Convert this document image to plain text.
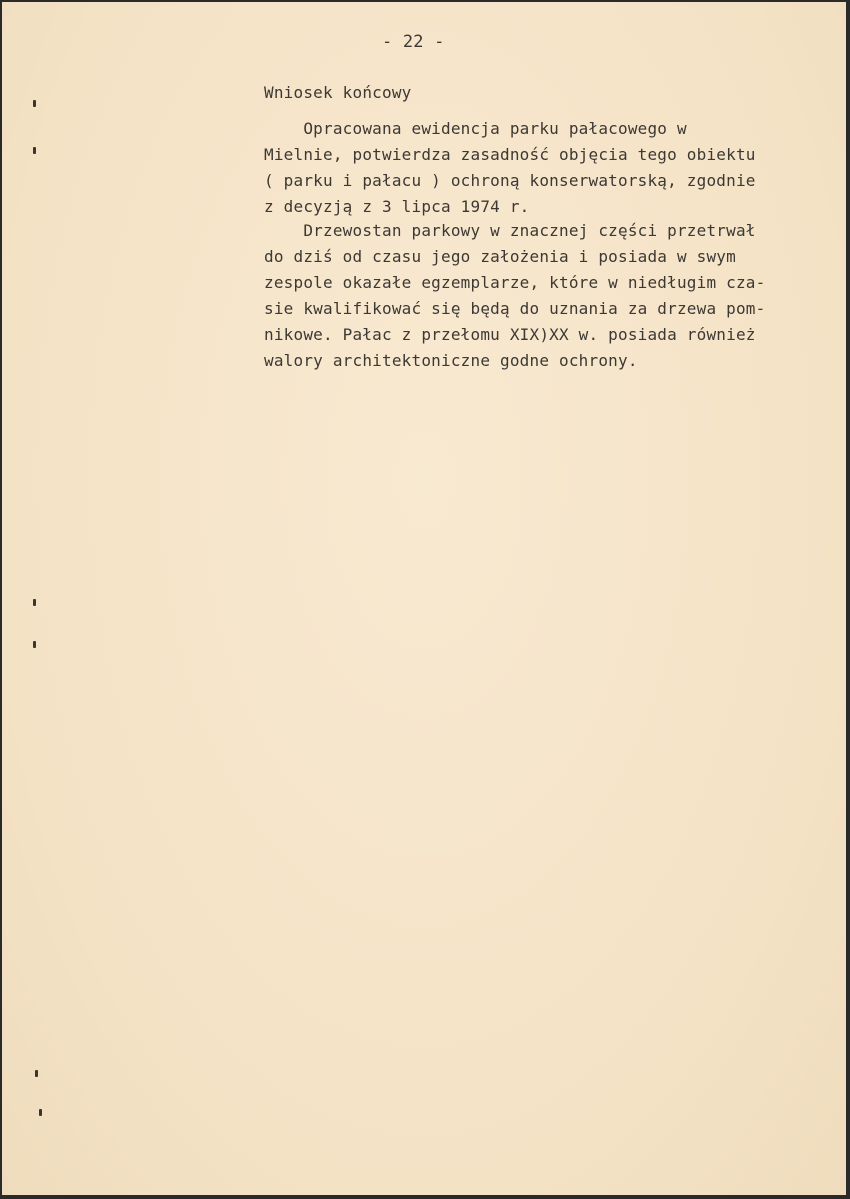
- 22 -
Wniosek końcowy
Opracowana ewidencja parku pałacowego w
Mielnie, potwierdza zasadność objęcia tego obiektu
( parku i pałacu ) ochroną konserwatorską, zgodnie
z decyzją z 3 lipca 1974 r.
Drzewostan parkowy w znacznej części przetrwał
do dziś od czasu jego założenia i posiada w swym
zespole okazałe egzemplarze, które w niedługim cza-
sie kwalifikować się będą do uznania za drzewa pom-
nikowe. Pałac z przełomu XIX)XX w. posiada również
walory architektoniczne godne ochrony.
